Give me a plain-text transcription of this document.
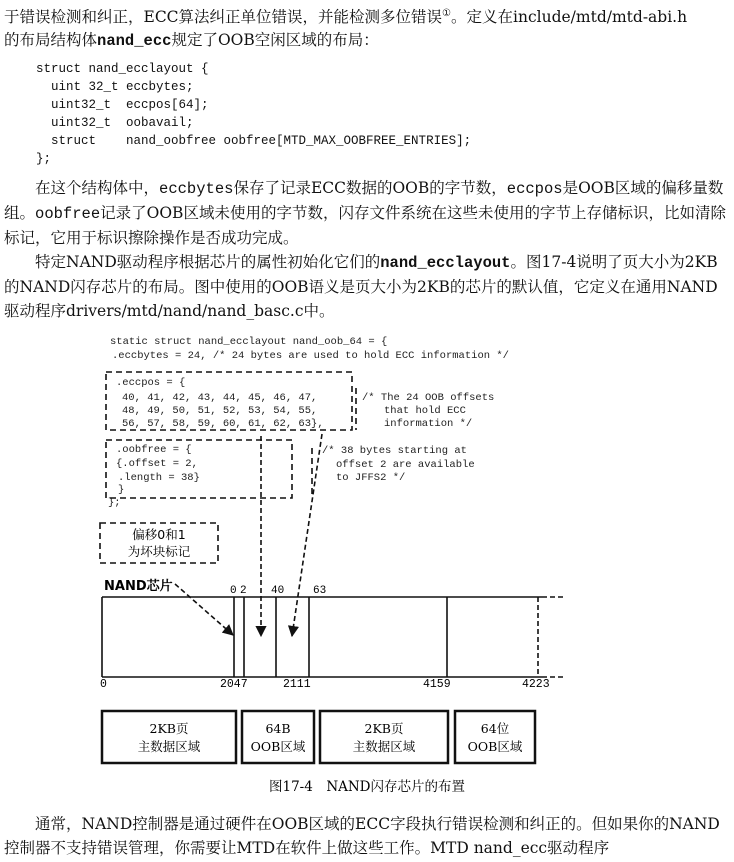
于错误检测和纠正，ECC算法纠正单位错误，并能检测多位错误①。定义在include/mtd/mtd-abi.h

的布局结构体nand_ecc规定了OOB空闲区域的布局：

struct nand_ecclayout {
uint 32_t eccbytes;
uint32_t  eccpos[64];
uint32_t  oobavail;
struct    nand_oobfree oobfree[MTD_MAX_OOBFREE_ENTRIES];
};

在这个结构体中，eccbytes保存了记录ECC数据的OOB的字节数，eccpos是OOB区域的偏移量数组。oobfree记录了OOB区域未使用的字节数，闪存文件系统在这些未使用的字节上存储标识，比如清除标记，它用于标识擦除操作是否成功完成。

特定NAND驱动程序根据芯片的属性初始化它们的nand_ecclayout。图17-4说明了页大小为2KB的NAND闪存芯片的布局。图中使用的OOB语义是页大小为2KB的芯片的默认值，它定义在通用NAND驱动程序drivers/mtd/nand/nand_basc.c中。

static struct nand_ecclayout nand_oob_64 = {
.eccbytes = 24, /* 24 bytes are used to hold ECC information */
.eccpos = {
40, 41, 42, 43, 44, 45, 46, 47,
48, 49, 50, 51, 52, 53, 54, 55,
56, 57, 58, 59, 60, 61, 62, 63},
/* The 24 OOB offsets
that hold ECC
information */
.oobfree = {
{.offset = 2,
.length = 38}
}
};
/* 38 bytes starting at
offset 2 are available
to JFFS2 */
偏移0和1
为坏块标记
NAND芯片	0 2 40	63
0	2047	2111	4159	4223
2KB页
主数据区域
64B
OOB区域
2KB页
主数据区域
64位
OOB区域
图17-4　NAND闪存芯片的布置

通常，NAND控制器是通过硬件在OOB区域的ECC字段执行错误检测和纠正的。但如果你的NAND控制器不支持错误管理，你需要让MTD在软件上做这些工作。MTD nand_ecc驱动程序
